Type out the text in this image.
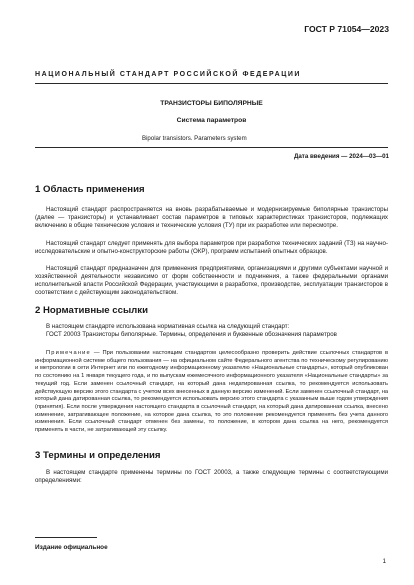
ГОСТ Р 71054—2023
НАЦИОНАЛЬНЫЙ СТАНДАРТ РОССИЙСКОЙ ФЕДЕРАЦИИ
ТРАНЗИСТОРЫ БИПОЛЯРНЫЕ
Система параметров
Bipolar transistors. Parameters system
Дата введения — 2024—03—01
1 Область применения

Настоящий стандарт распространяется на вновь разрабатываемые и модернизируемые биполярные транзисторы (далее — транзисторы) и устанавливает состав параметров в типовых характеристиках транзисторов, подлежащих включению в общие технические условия и технические условия (ТУ) при их разработке или пересмотре.

Настоящий стандарт следует применять для выбора параметров при разработке технических заданий (ТЗ) на научно-исследовательские и опытно-конструкторские работы (ОКР), программ испытаний опытных образцов.

Настоящий стандарт предназначен для применения предприятиями, организациями и другими субъектами научной и хозяйственной деятельности независимо от форм собственности и подчинения, а также федеральными органами исполнительной власти Российской Федерации, участвующими в разработке, производстве, эксплуатации транзисторов в соответствии с действующим законодательством.

2 Нормативные ссылки

В настоящем стандарте использована нормативная ссылка на следующий стандарт:

ГОСТ 20003 Транзисторы биполярные. Термины, определения и буквенные обозначения параметров

Примечание — При пользовании настоящим стандартом целесообразно проверить действие ссылочных стандартов в информационной системе общего пользования — на официальном сайте Федерального агентства по техническому регулированию и метрологии в сети Интернет или по ежегодному информационному указателю «Национальные стандарты», который опубликован по состоянию на 1 января текущего года, и по выпускам ежемесячного информационного указателя «Национальные стандарты» за текущий год. Если заменен ссылочный стандарт, на который дана недатированная ссылка, то рекомендуется использовать действующую версию этого стандарта с учетом всех внесенных в данную версию изменений. Если заменен ссылочный стандарт, на который дана датированная ссылка, то рекомендуется использовать версию этого стандарта с указанным выше годом утверждения (принятия). Если после утверждения настоящего стандарта в ссылочный стандарт, на который дана датированная ссылка, внесено изменение, затрагивающее положение, на которое дана ссылка, то это положение рекомендуется применять без учета данного изменения. Если ссылочный стандарт отменен без замены, то положение, в котором дана ссылка на него, рекомендуется применять в части, не затрагивающей эту ссылку.

3 Термины и определения

В настоящем стандарте применены термины по ГОСТ 20003, а также следующие термины с соответствующими определениями:

Издание официальное
1
